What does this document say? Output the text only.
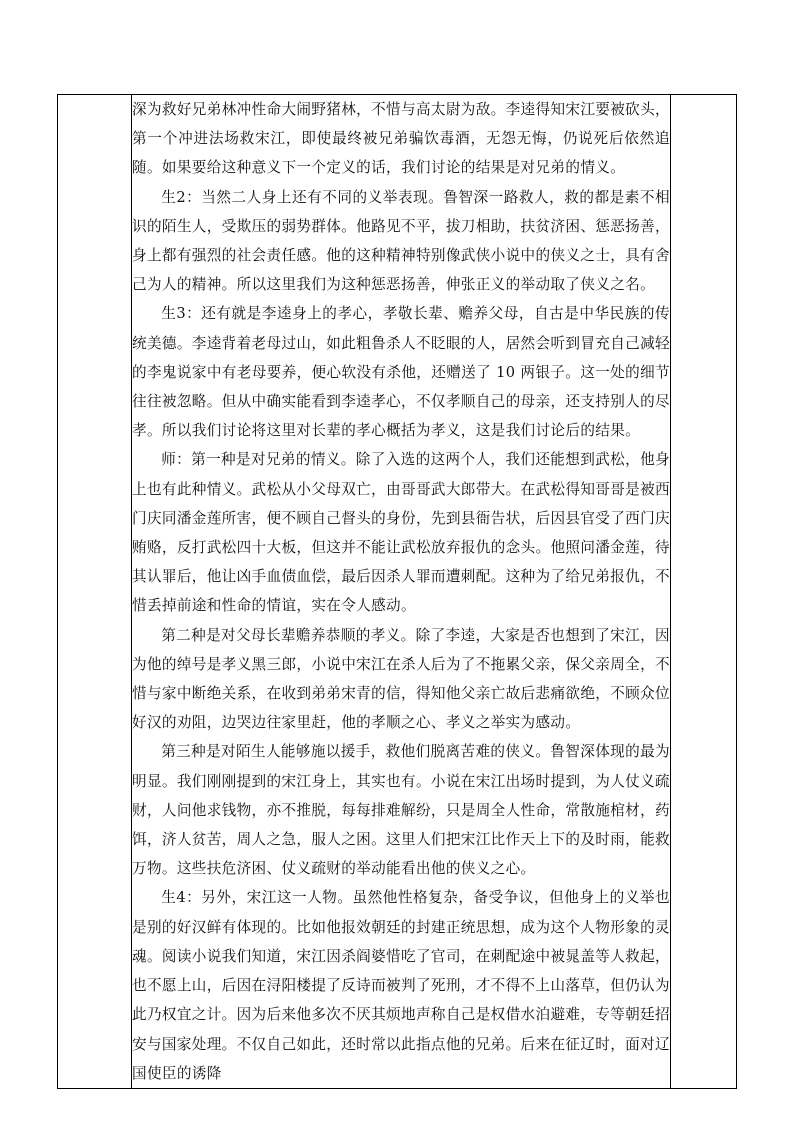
深为救好兄弟林冲性命大闹野猪林，不惜与高太尉为敌。李逵得知宋江要被砍头，第一个冲进法场救宋江，即使最终被兄弟骗饮毒酒，无怨无悔，仍说死后依然追随。如果要给这种意义下一个定义的话，我们讨论的结果是对兄弟的情义。

生2：当然二人身上还有不同的义举表现。鲁智深一路救人，救的都是素不相识的陌生人，受欺压的弱势群体。他路见不平，拔刀相助，扶贫济困、惩恶扬善，身上都有强烈的社会责任感。他的这种精神特别像武侠小说中的侠义之士，具有舍己为人的精神。所以这里我们为这种惩恶扬善，伸张正义的举动取了侠义之名。

生3：还有就是李逵身上的孝心，孝敬长辈、赡养父母，自古是中华民族的传统美德。李逵背着老母过山，如此粗鲁杀人不眨眼的人，居然会听到冒充自己减轻的李鬼说家中有老母要养，便心软没有杀他，还赠送了 10 两银子。这一处的细节往往被忽略。但从中确实能看到李逵孝心，不仅孝顺自己的母亲，还支持别人的尽孝。所以我们讨论将这里对长辈的孝心概括为孝义，这是我们讨论后的结果。

师：第一种是对兄弟的情义。除了入选的这两个人，我们还能想到武松，他身上也有此种情义。武松从小父母双亡，由哥哥武大郎带大。在武松得知哥哥是被西门庆同潘金莲所害，便不顾自己督头的身份，先到县衙告状，后因县官受了西门庆贿赂，反打武松四十大板，但这并不能让武松放弃报仇的念头。他照问潘金莲，待其认罪后，他让凶手血债血偿，最后因杀人罪而遭刺配。这种为了给兄弟报仇，不惜丢掉前途和性命的情谊，实在令人感动。

第二种是对父母长辈赡养恭顺的孝义。除了李逵，大家是否也想到了宋江，因为他的绰号是孝义黑三郎，小说中宋江在杀人后为了不拖累父亲，保父亲周全，不惜与家中断绝关系，在收到弟弟宋青的信，得知他父亲亡故后悲痛欲绝，不顾众位好汉的劝阻，边哭边往家里赶，他的孝顺之心、孝义之举实为感动。

第三种是对陌生人能够施以援手，救他们脱离苦难的侠义。鲁智深体现的最为明显。我们刚刚提到的宋江身上，其实也有。小说在宋江出场时提到，为人仗义疏财，人问他求钱物，亦不推脱，每每排难解纷，只是周全人性命，常散施棺材，药饵，济人贫苦，周人之急，服人之困。这里人们把宋江比作天上下的及时雨，能救万物。这些扶危济困、仗义疏财的举动能看出他的侠义之心。

生4：另外，宋江这一人物。虽然他性格复杂，备受争议，但他身上的义举也是别的好汉鲜有体现的。比如他报效朝廷的封建正统思想，成为这个人物形象的灵魂。阅读小说我们知道，宋江因杀阎婆惜吃了官司，在刺配途中被晁盖等人救起，也不愿上山，后因在浔阳楼提了反诗而被判了死刑，才不得不上山落草，但仍认为此乃权宜之计。因为后来他多次不厌其烦地声称自己是权借水泊避难，专等朝廷招安与国家处理。不仅自己如此，还时常以此指点他的兄弟。后来在征辽时，面对辽国使臣的诱降
